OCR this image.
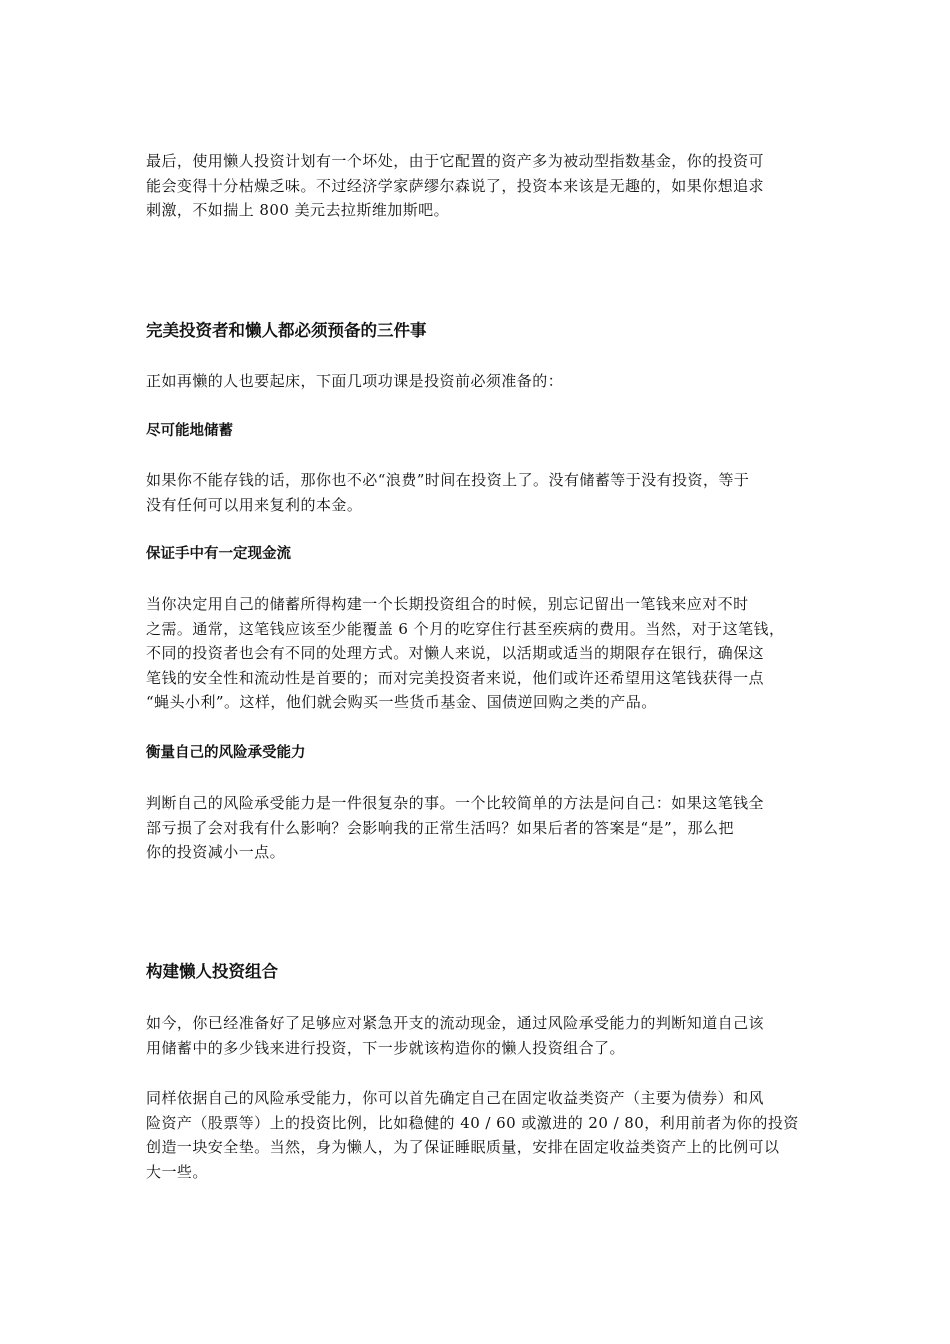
最后，使用懒人投资计划有一个坏处，由于它配置的资产多为被动型指数基金，你的投资可
能会变得十分枯燥乏味。不过经济学家萨缪尔森说了，投资本来该是无趣的，如果你想追求
刺激，不如揣上 800 美元去拉斯维加斯吧。

完美投资者和懒人都必须预备的三件事

正如再懒的人也要起床，下面几项功课是投资前必须准备的：

尽可能地储蓄

如果你不能存钱的话，那你也不必“浪费”时间在投资上了。没有储蓄等于没有投资，等于
没有任何可以用来复利的本金。

保证手中有一定现金流

当你决定用自己的储蓄所得构建一个长期投资组合的时候，别忘记留出一笔钱来应对不时
之需。通常，这笔钱应该至少能覆盖 6 个月的吃穿住行甚至疾病的费用。当然，对于这笔钱，
不同的投资者也会有不同的处理方式。对懒人来说，以活期或适当的期限存在银行，确保这
笔钱的安全性和流动性是首要的；而对完美投资者来说，他们或许还希望用这笔钱获得一点
“蝇头小利”。这样，他们就会购买一些货币基金、国债逆回购之类的产品。

衡量自己的风险承受能力

判断自己的风险承受能力是一件很复杂的事。一个比较简单的方法是问自己：如果这笔钱全
部亏损了会对我有什么影响？会影响我的正常生活吗？如果后者的答案是“是”，那么把
你的投资减小一点。

构建懒人投资组合

如今，你已经准备好了足够应对紧急开支的流动现金，通过风险承受能力的判断知道自己该
用储蓄中的多少钱来进行投资，下一步就该构造你的懒人投资组合了。

同样依据自己的风险承受能力，你可以首先确定自己在固定收益类资产（主要为债券）和风
险资产（股票等）上的投资比例，比如稳健的 40 / 60 或激进的 20 / 80，利用前者为你的投资
创造一块安全垫。当然，身为懒人，为了保证睡眠质量，安排在固定收益类资产上的比例可以
大一些。
